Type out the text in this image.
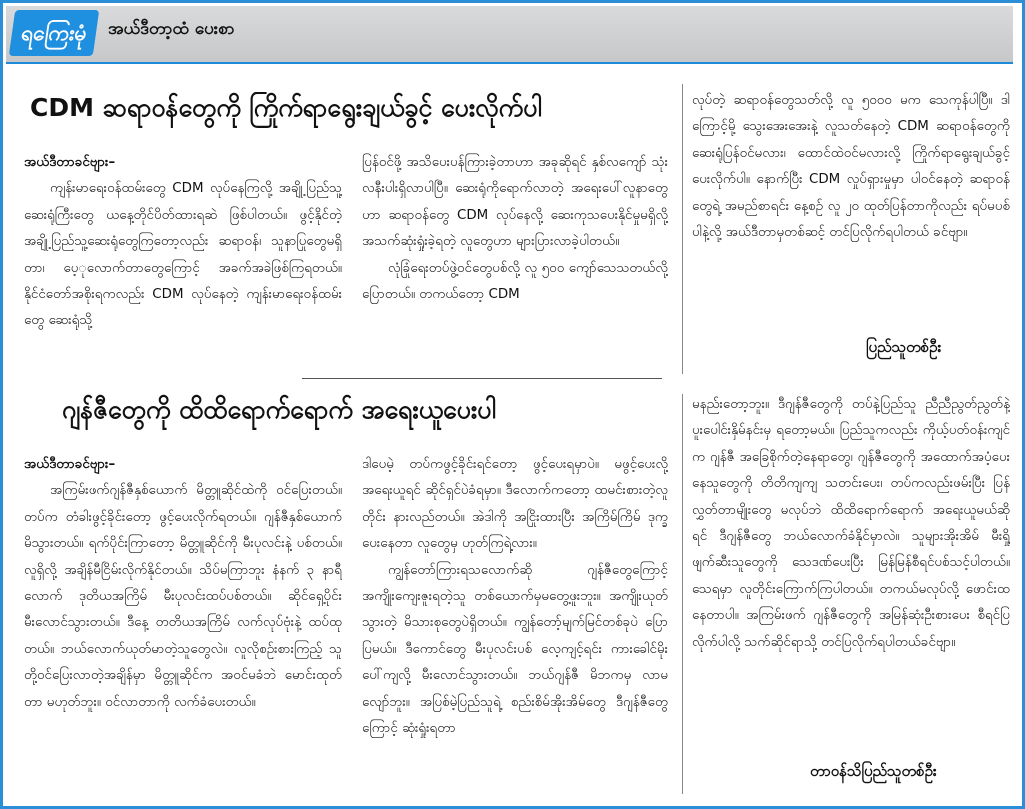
ရကြေးမုံ	အယ်ဒီတာ့ထံ ပေးစာ
CDM ဆရာဝန်တွေကို ကြိုက်ရာရွေးချယ်ခွင့် ပေးလိုက်ပါ

အယ်ဒီတာခင်ဗျား–

ကျန်းမာရေးဝန်ထမ်းတွေ CDM လုပ်နေကြလို့ အချို့ပြည်သူ့ဆေးရုံကြီးတွေ ယနေ့တိုင်ပိတ်ထားရဆဲ ဖြစ်ပါတယ်။ ဖွင့်နိုင်တဲ့ အချို့ပြည်သူ့ဆေးရုံတွေကြတော့လည်း ဆရာဝန်၊ သူနာပြုတွေမရှိတာ၊ ပေ့ုလောက်တာတွေကြောင့် အခက်အခဲဖြစ်ကြရတယ်။ နိုင်ငံတော်အစိုးရကလည်း CDM လုပ်နေတဲ့ ကျန်းမာရေးဝန်ထမ်းတွေ ဆေးရုံသို့

ပြန်ဝင်ဖို့ အသိပေးပန်ကြားခဲ့တာဟာ အခုဆိုရင် နှစ်လကျော် သုံးလနီးပါးရှိလာပါပြီ။ ဆေးရုံကိုရောက်လာတဲ့ အရေးပေါ်လူနာတွေဟာ ဆရာဝန်တွေ CDM လုပ်နေလို့ ဆေးကုသပေးနိုင်မှုမရှိလို့ အသက်ဆုံးရှုံးခဲ့ရတဲ့ လူတွေဟာ များပြားလာခဲ့ပါတယ်။

လုံခြုံရေးတပ်ဖွဲ့ဝင်တွေပစ်လို့ လူ ၅၀၀ ကျော်သေသတယ်လို့ပြောတယ်။ တကယ်တော့ CDM

လုပ်တဲ့ ဆရာဝန်တွေသတ်လို့ လူ ၅၀၀၀ မက သေကုန်ပါပြီ။ ဒါကြောင့်မို့ သွေးအေးအေးနဲ့ လူသတ်နေတဲ့ CDM ဆရာဝန်တွေကို ဆေးရုံပြန်ဝင်မလား၊ ထောင်ထဲဝင်မလားလို့ ကြိုက်ရာရွေးချယ်ခွင့် ပေးလိုက်ပါ။ နောက်ပြီး CDM လှုပ်ရှားမှုမှာ ပါဝင်နေတဲ့ ဆရာဝန်တွေရဲ့ အမည်စာရင်း နေ့စဉ် လူ ၂၀ ထုတ်ပြန်တာကိုလည်း ရပ်မပစ်ပါနဲ့လို့ အယ်ဒီတာမှတစ်ဆင့် တင်ပြလိုက်ရပါတယ် ခင်ဗျာ။

ပြည်သူတစ်ဦး
ဂျန်ဇီတွေကို ထိထိရောက်ရောက် အရေးယူပေးပါ

အယ်ဒီတာခင်ဗျား–

အကြမ်းဖက်ဂျန်ဇီနှစ်ယောက် မိတ္တူဆိုင်ထဲကို ဝင်ပြေးတယ်။ တပ်က တံခါးဖွင့်ခိုင်းတော့ ဖွင့်ပေးလိုက်ရတယ်။ ဂျန်ဇီနှစ်ယောက် မိသွားတယ်။ ရက်ပိုင်းကြာတော့ မိတ္တူဆိုင်ကို မီးပုလင်းနဲ့ ပစ်တယ်။ လူရှိလို့ အချိန်မီငြိမ်းလိုက်နိုင်တယ်။ သိပ်မကြာဘူး နံနက် ၃ နာရီလောက် ဒုတိယအကြိမ် မီးပုလင်းထပ်ပစ်တယ်။ ဆိုင်ရှေ့ပိုင်း မီးလောင်သွားတယ်။ ဒီနေ့ တတိယအကြိမ် လက်လုပ်ဗုံးနဲ့ ထပ်ထုတယ်။ ဘယ်လောက်ယုတ်မာတဲ့သူတွေလဲ။ လူလိုစဉ်းစားကြည့် သူတို့ဝင်ပြေးလာတဲ့အချိန်မှာ မိတ္တူဆိုင်က အဝင်မခံဘဲ မောင်းထုတ်တာ မဟုတ်ဘူး။ ဝင်လာတာကို လက်ခံပေးတယ်။

ဒါပေမဲ့ တပ်ကဖွင့်ခိုင်းရင်တော့ ဖွင့်ပေးရမှာပဲ။ မဖွင့်ပေးလို့အရေးယူရင် ဆိုင်ရှင်ပဲခံရမှာ။ ဒီလောက်ကတော့ ထမင်းစားတဲ့လူတိုင်း နားလည်တယ်။ အဲဒါကို အငြိုးထားပြီး အကြိမ်ကြိမ် ဒုက္ခပေးနေတာ လူတွေမှ ဟုတ်ကြရဲ့လား။

ကျွန်တော်ကြားရသလောက်ဆို ဂျန်ဇီတွေကြောင့် အကျိုးကျေးဇူးရတဲ့သူ တစ်ယောက်မှမတွေ့ဖူးဘူး။ အကျိုးယုတ်သွားတဲ့ မိသားစုတွေပဲရှိတယ်။ ကျွန်တော့်မျက်မြင်တစ်ခုပဲ ပြောပြမယ်။ ဒီကောင်တွေ မီးပုလင်းပစ် လေ့ကျင့်ရင်း ကားခေါင်မိုးပေါ်ကျလို့ မီးလောင်သွားတယ်။ ဘယ်ဂျန်ဇီ မိဘကမှ လာမလျော်ဘူး။ အပြစ်မဲ့ပြည်သူရဲ့ စည်းစိမ်အိုးအိမ်တွေ ဒီဂျန်ဇီတွေကြောင့် ဆုံးရှုံးရတာ

မနည်းတော့ဘူး။ ဒီဂျန်ဇီတွေကို တပ်နဲ့ပြည်သူ ညီညီညွတ်ညွတ်နဲ့ ပူးပေါင်းနှိမ်နင်းမှ ရတော့မယ်။ ပြည်သူကလည်း ကိုယ့်ပတ်ဝန်းကျင်က ဂျန်ဇီ အခြေစိုက်တဲ့နေရာတွေ၊ ဂျန်ဇီတွေကို အထောက်အပံ့ပေးနေသူတွေကို တိတိကျကျ သတင်းပေး၊ တပ်ကလည်းဖမ်းပြီး ပြန်လွှတ်တာမျိုးတွေ မလုပ်ဘဲ ထိထိရောက်ရောက် အရေးယူမယ်ဆိုရင် ဒီဂျန်ဇီတွေ ဘယ်လောက်ခံနိုင်မှာလဲ။ သူများအိုးအိမ် မီးရှို့ဖျက်ဆီးသူတွေကို သေဒဏ်ပေးပြီး မြန်မြန်စီရင်ပစ်သင့်ပါတယ်။ သေရမှာ လူတိုင်းကြောက်ကြပါတယ်။ တကယ်မလုပ်လို့ ဖောင်းထနေတာပါ။ အကြမ်းဖက် ဂျန်ဇီတွေကို အမြန်ဆုံးဦးစားပေး စီရင်ပြလိုက်ပါလို့ သက်ဆိုင်ရာသို့ တင်ပြလိုက်ရပါတယ်ခင်ဗျာ။

တာဝန်သိပြည်သူတစ်ဦး
